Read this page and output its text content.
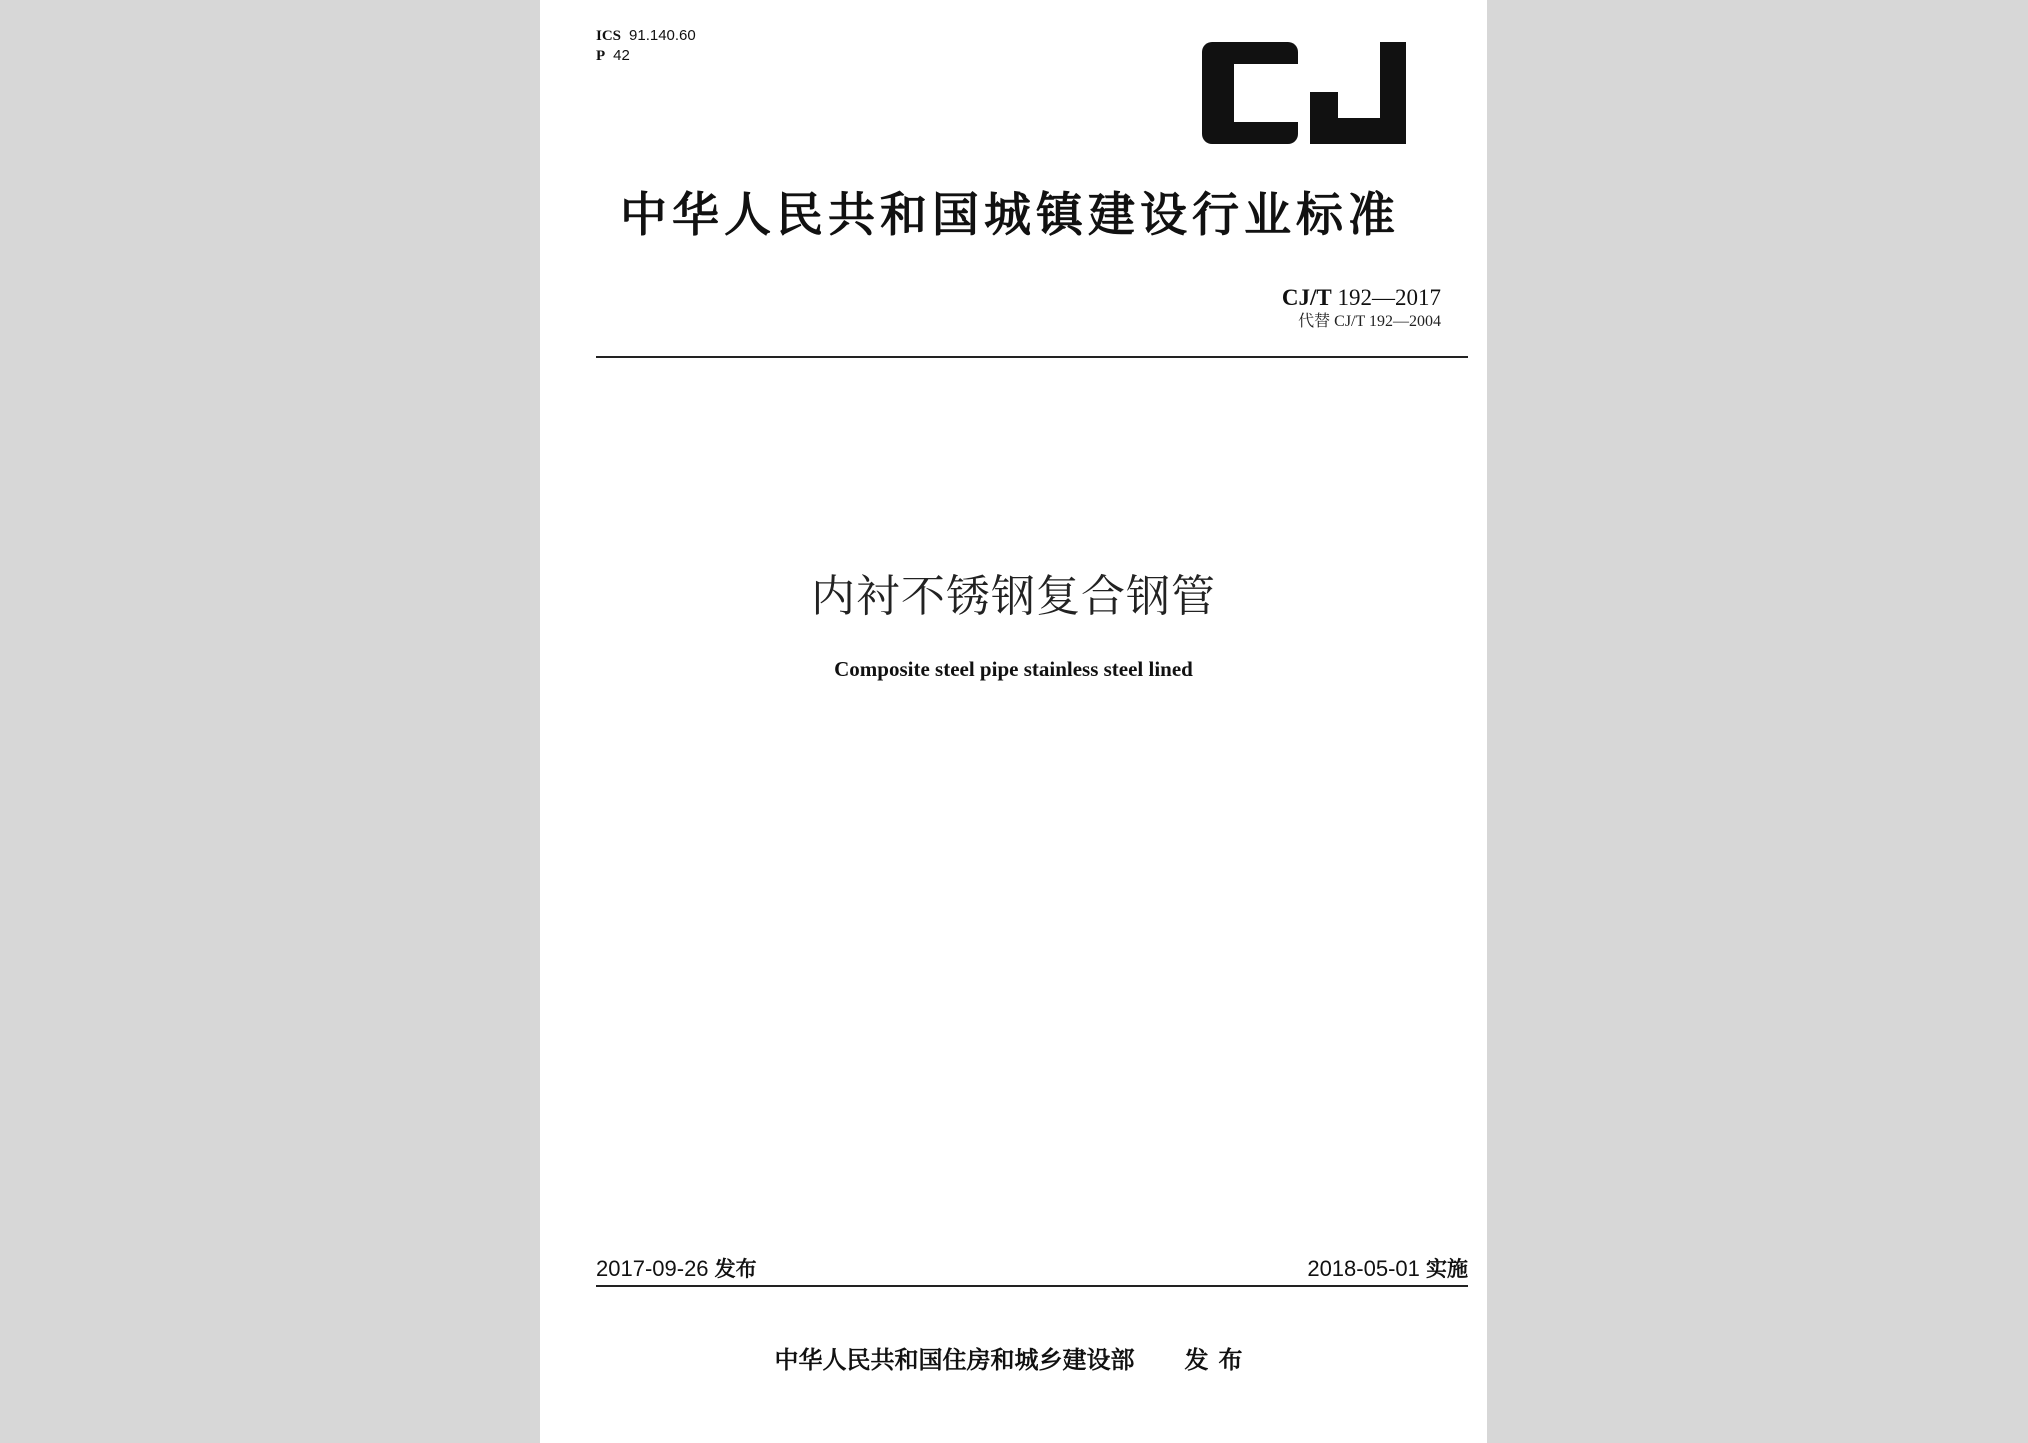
ICS 91.140.60
P 42
中华人民共和国城镇建设行业标准
CJ/T 192—2017
代替 CJ/T 192—2004
内衬不锈钢复合钢管
Composite steel pipe stainless steel lined
2017-09-26 发布	2018-05-01 实施
中华人民共和国住房和城乡建设部 发布
